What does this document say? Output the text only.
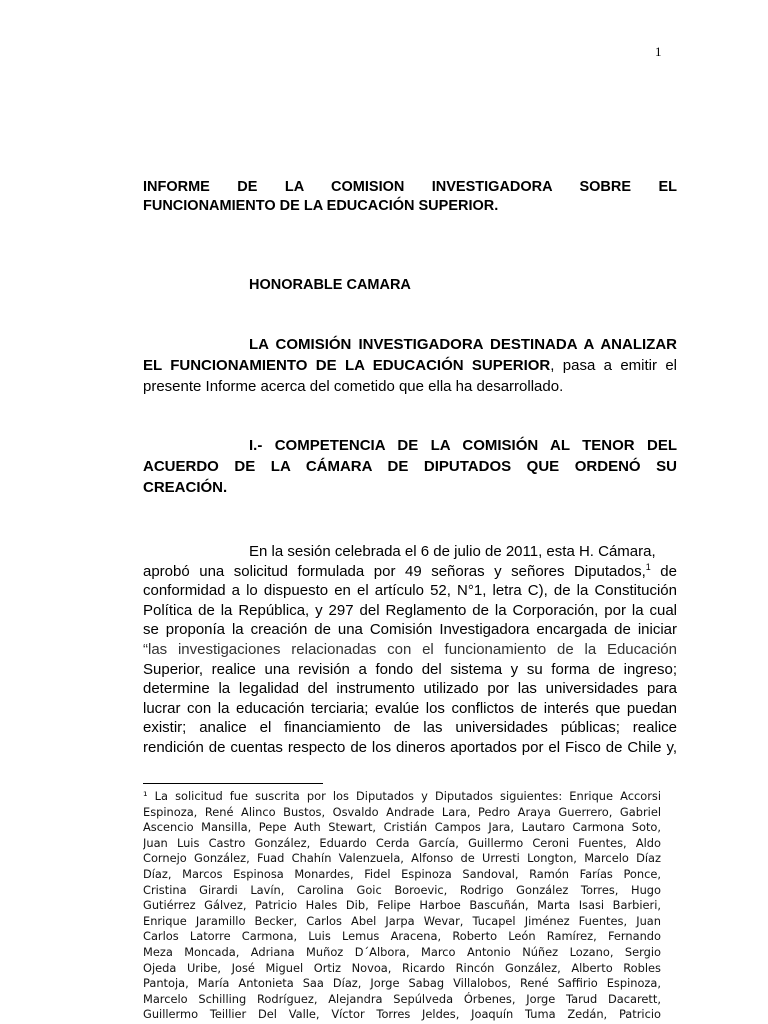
1
INFORME DE LA COMISION INVESTIGADORA SOBRE EL
FUNCIONAMIENTO DE LA EDUCACIÓN SUPERIOR.
HONORABLE CAMARA
LA COMISIÓN INVESTIGADORA DESTINADA A ANALIZAR
EL FUNCIONAMIENTO DE LA EDUCACIÓN SUPERIOR, pasa a emitir el
presente Informe acerca del cometido que ella ha desarrollado.
I.- COMPETENCIA DE LA COMISIÓN AL TENOR DEL
ACUERDO DE LA CÁMARA DE DIPUTADOS QUE ORDENÓ SU
CREACIÓN.
En la sesión celebrada el 6 de julio de 2011, esta H. Cámara,
aprobó una solicitud formulada por 49 señoras y señores Diputados,$^1$ de
conformidad a lo dispuesto en el artículo 52, N°1, letra C), de la Constitución
Política de la República, y 297 del Reglamento de la Corporación, por la cual
se proponía la creación de una Comisión Investigadora encargada de iniciar
“las investigaciones relacionadas con el funcionamiento de la Educación
Superior, realice una revisión a fondo del sistema y su forma de ingreso;
determine la legalidad del instrumento utilizado por las universidades para
lucrar con la educación terciaria; evalúe los conflictos de interés que puedan
existir; analice el financiamiento de las universidades públicas; realice
rendición de cuentas respecto de los dineros aportados por el Fisco de Chile y,
¹ La solicitud fue suscrita por los Diputados y Diputados siguientes: Enrique Accorsi
Espinoza, René Alinco Bustos, Osvaldo Andrade Lara, Pedro Araya Guerrero, Gabriel
Ascencio Mansilla, Pepe Auth Stewart, Cristián Campos Jara, Lautaro Carmona Soto,
Juan Luis Castro González, Eduardo Cerda García, Guillermo Ceroni Fuentes, Aldo
Cornejo González, Fuad Chahín Valenzuela, Alfonso de Urresti Longton, Marcelo Díaz
Díaz, Marcos Espinosa Monardes, Fidel Espinoza Sandoval, Ramón Farías Ponce,
Cristina Girardi Lavín, Carolina Goic Boroevic, Rodrigo González Torres, Hugo
Gutiérrez Gálvez, Patricio Hales Dib, Felipe Harboe Bascuñán, Marta Isasi Barbieri,
Enrique Jaramillo Becker, Carlos Abel Jarpa Wevar, Tucapel Jiménez Fuentes, Juan
Carlos Latorre Carmona, Luis Lemus Aracena, Roberto León Ramírez, Fernando
Meza Moncada, Adriana Muñoz D´Albora, Marco Antonio Núñez Lozano, Sergio
Ojeda Uribe, José Miguel Ortiz Novoa, Ricardo Rincón González, Alberto Robles
Pantoja, María Antonieta Saa Díaz, Jorge Sabag Villalobos, René Saffirio Espinoza,
Marcelo Schilling Rodríguez, Alejandra Sepúlveda Órbenes, Jorge Tarud Dacarett,
Guillermo Teillier Del Valle, Víctor Torres Jeldes, Joaquín Tuma Zedán, Patricio
